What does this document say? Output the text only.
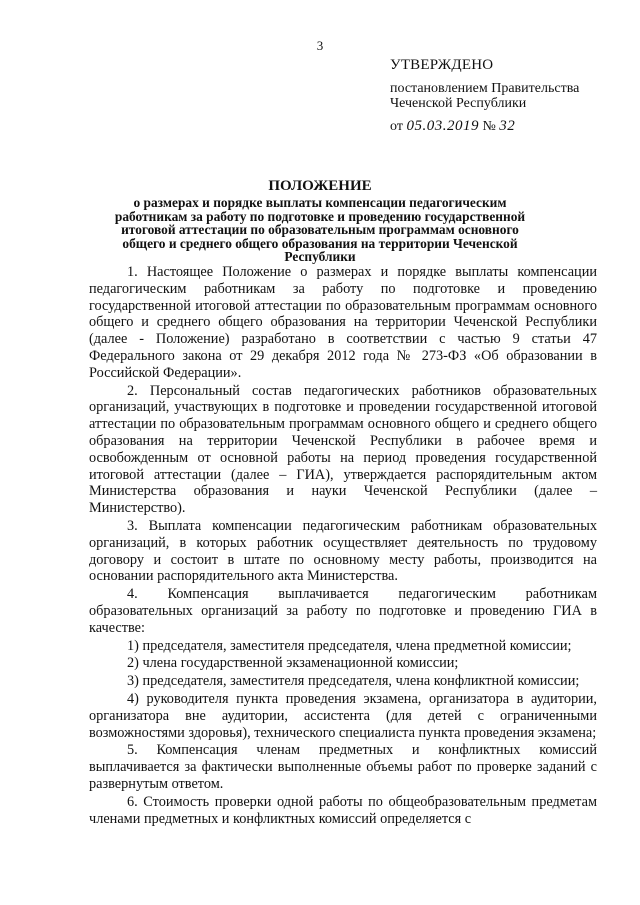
3
УТВЕРЖДЕНО
постановлением Правительства
Чеченской Республики
от 05.03.2019 № 32
ПОЛОЖЕНИЕ
о размерах и порядке выплаты компенсации педагогическим работникам за работу по подготовке и проведению государственной итоговой аттестации по образовательным программам основного общего и среднего общего образования на территории Чеченской Республики

1. Настоящее Положение о размерах и порядке выплаты компенсации педагогическим работникам за работу по подготовке и проведению государственной итоговой аттестации по образовательным программам основного общего и среднего общего образования на территории Чеченской Республики (далее - Положение) разработано в соответствии с частью 9 статьи 47 Федерального закона от 29 декабря 2012 года № 273-ФЗ «Об образовании в Российской Федерации».

2. Персональный состав педагогических работников образовательных организаций, участвующих в подготовке и проведении государственной итоговой аттестации по образовательным программам основного общего и среднего общего образования на территории Чеченской Республики в рабочее время и освобожденным от основной работы на период проведения государственной итоговой аттестации (далее – ГИА), утверждается распорядительным актом Министерства образования и науки Чеченской Республики (далее – Министерство).

3. Выплата компенсации педагогическим работникам образовательных организаций, в которых работник осуществляет деятельность по трудовому договору и состоит в штате по основному месту работы, производится на основании распорядительного акта Министерства.

4. Компенсация выплачивается педагогическим работникам образовательных организаций за работу по подготовке и проведению ГИА в качестве:

1) председателя, заместителя председателя, члена предметной комиссии;

2) члена государственной экзаменационной комиссии;

3) председателя, заместителя председателя, члена конфликтной комиссии;

4) руководителя пункта проведения экзамена, организатора в аудитории, организатора вне аудитории, ассистента (для детей с ограниченными возможностями здоровья), технического специалиста пункта проведения экзамена;

5. Компенсация членам предметных и конфликтных комиссий выплачивается за фактически выполненные объемы работ по проверке заданий с развернутым ответом.

6. Стоимость проверки одной работы по общеобразовательным предметам членами предметных и конфликтных комиссий определяется с
